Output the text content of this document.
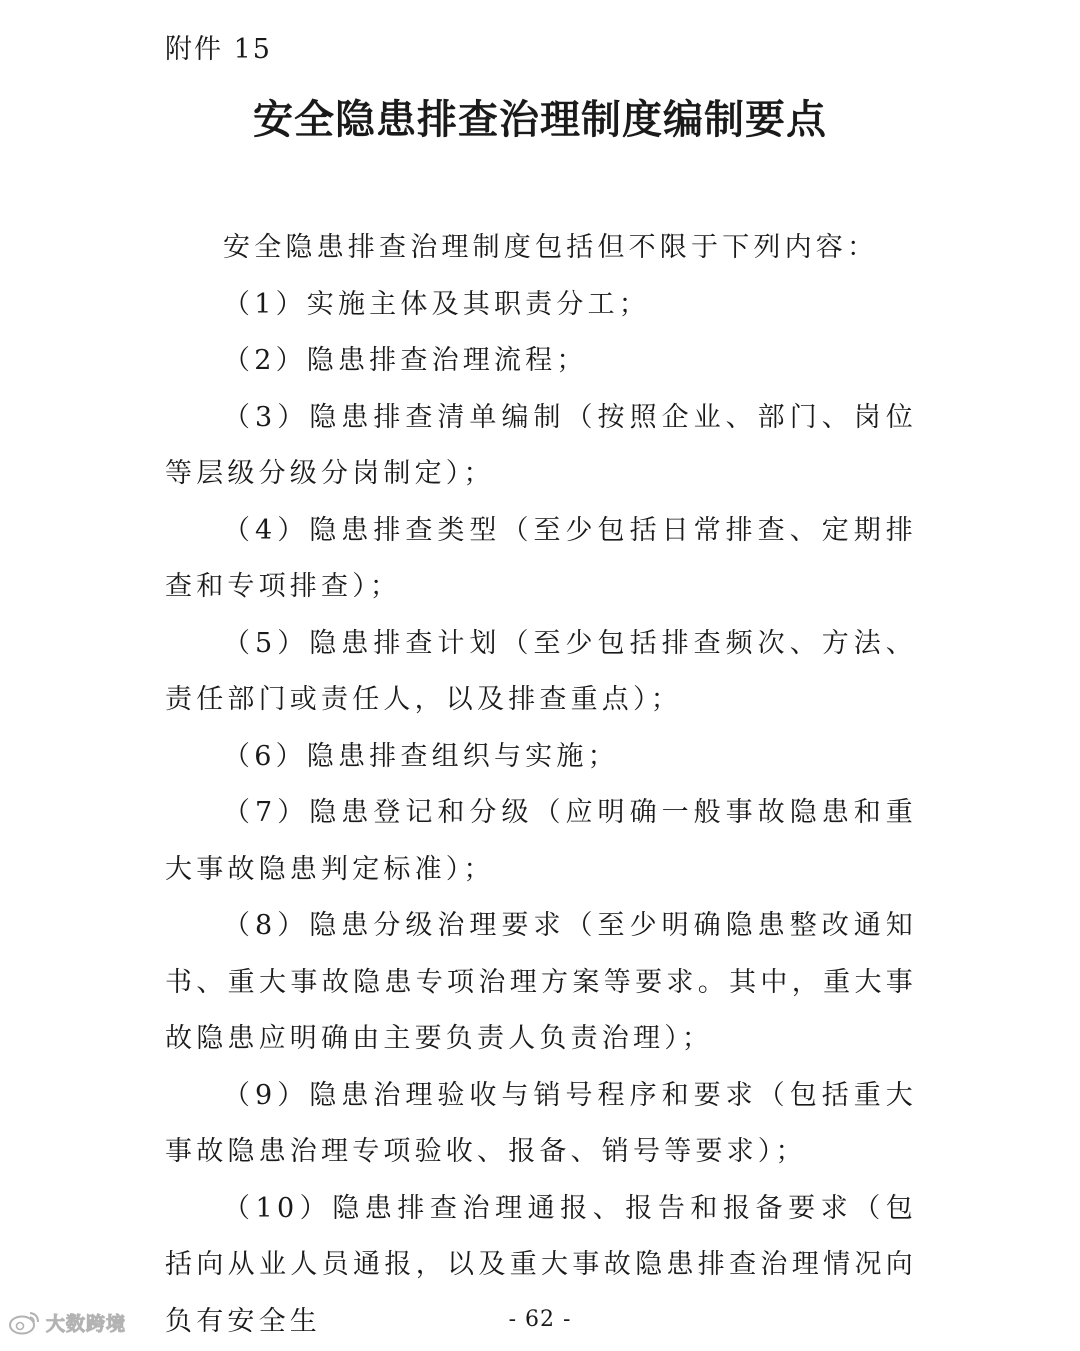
附件 15
安全隐患排查治理制度编制要点

安全隐患排查治理制度包括但不限于下列内容：

（1）实施主体及其职责分工；

（2）隐患排查治理流程；

（3）隐患排查清单编制（按照企业、部门、岗位等层级分级分岗制定）；

（4）隐患排查类型（至少包括日常排查、定期排查和专项排查）；

（5）隐患排查计划（至少包括排查频次、方法、责任部门或责任人，以及排查重点）；

（6）隐患排查组织与实施；

（7）隐患登记和分级（应明确一般事故隐患和重大事故隐患判定标准）；

（8）隐患分级治理要求（至少明确隐患整改通知书、重大事故隐患专项治理方案等要求。其中，重大事故隐患应明确由主要负责人负责治理）；

（9）隐患治理验收与销号程序和要求（包括重大事故隐患治理专项验收、报备、销号等要求）；

（10）隐患排查治理通报、报告和报备要求（包括向从业人员通报，以及重大事故隐患排查治理情况向负有安全生	- 62 -
大数跨境
